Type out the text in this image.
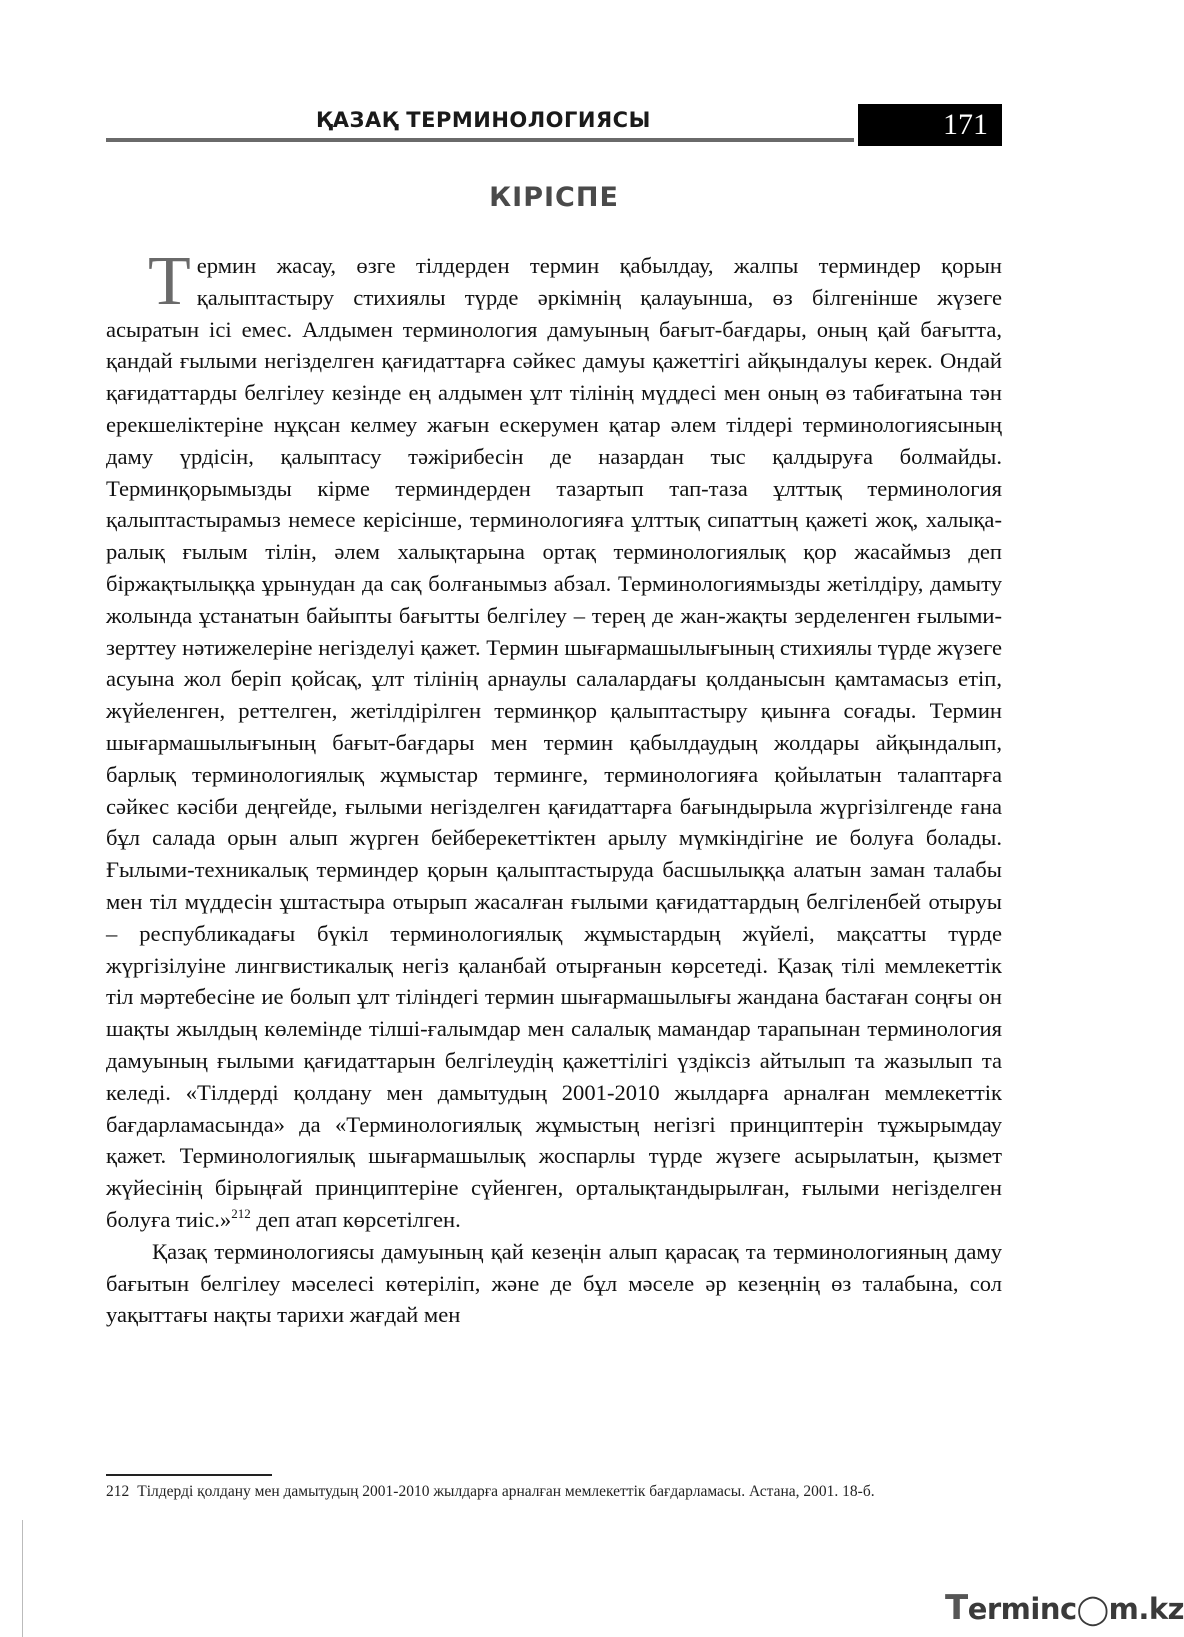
ҚАЗАҚ ТЕРМИНОЛОГИЯСЫ	171
КІРІСПЕ

Термин жасау, өзге тілдерден термин қабылдау, жалпы терминдер қорын қалыптастыру стихиялы түрде әркімнің қалауынша, өз білгенінше жүзеге асыратын ісі емес. Алдымен терминология дамуының бағыт-бағдары, оның қай бағытта, қандай ғылыми негізделген қағидаттарға сәйкес дамуы қажеттігі айқындалуы керек. Ондай қағидаттарды белгілеу кезінде ең алдымен ұлт тілінің мүддесі мен оның өз табиғатына тән ерекшеліктеріне нұқсан келмеу жағын ескерумен қатар әлем тілдері терминологиясының даму үрдісін, қалыптасу тәжірибесін де назардан тыс қалдыруға болмайды. Терминқорымызды кірме терминдерден тазартып тап-таза ұлттық терминология қалыптастырамыз немесе керісінше, терминологияға ұлттық сипаттың қажеті жоқ, халықаралық ғылым тілін, әлем халықтарына ортақ терминологиялық қор жасаймыз деп біржақтылыққа ұрынудан да сақ болғанымыз абзал. Терминологиямызды жетілдіру, дамыту жолында ұстанатын байыпты бағытты белгілеу – терең де жан-жақты зерделенген ғылыми-зерттеу нәтижелеріне негізделуі қажет. Термин шығармашылығының стихиялы түрде жүзеге асуына жол беріп қойсақ, ұлт тілінің арнаулы салалардағы қолданысын қамтамасыз етіп, жүйеленген, реттелген, жетілдірілген терминқор қалыптастыру қиынға соғады. Термин шығармашылығының бағыт-бағдары мен термин қабылдаудың жолдары айқындалып, барлық терминологиялық жұмыстар терминге, терминологияға қойылатын талаптарға сәйкес кәсіби деңгейде, ғылыми негізделген қағидаттарға бағындырыла жүргізілгенде ғана бұл салада орын алып жүрген бейберекеттіктен арылу мүмкіндігіне ие болуға болады. Ғылыми-техникалық терминдер қорын қалыптастыруда басшылыққа алатын заман талабы мен тіл мүддесін ұштастыра отырып жасалған ғылыми қағидаттардың белгіленбей отыруы – республикадағы бүкіл терминологиялық жұмыстардың жүйелі, мақсатты түрде жүргізілуіне лингвистикалық негіз қаланбай отырғанын көрсетеді. Қазақ тілі мемлекеттік тіл мәртебесіне ие болып ұлт тіліндегі термин шығармашылығы жандана бастаған соңғы он шақты жылдың көлемінде тілші-ғалымдар мен салалық мамандар тарапынан терминология дамуының ғылыми қағидаттарын белгілеудің қажеттілігі үздіксіз айтылып та жазылып та келеді. «Тілдерді қолдану мен дамытудың 2001-2010 жылдарға арналған мемлекеттік бағдарламасында» да «Терминологиялық жұмыстың негізгі принциптерін тұжырымдау қажет. Терминологиялық шығармашылық жоспарлы түрде жүзеге асырылатын, қызмет жүйесінің бірыңғай принциптеріне сүйенген, орталықтандырылған, ғылыми негізделген болуға тиіс.»$^{212}$ деп атап көрсетілген.

Қазақ терминологиясы дамуының қай кезеңін алып қарасақ та терминологияның даму бағытын белгілеу мәселесі көтеріліп, және де бұл мәселе әр кезеңнің өз талабына, сол уақыттағы нақты тарихи жағдай мен

212 Тілдерді қолдану мен дамытудың 2001-2010 жылдарға арналған мемлекеттік бағдарламасы. Астана, 2001. 18-б.
Terminc◯m.kz
